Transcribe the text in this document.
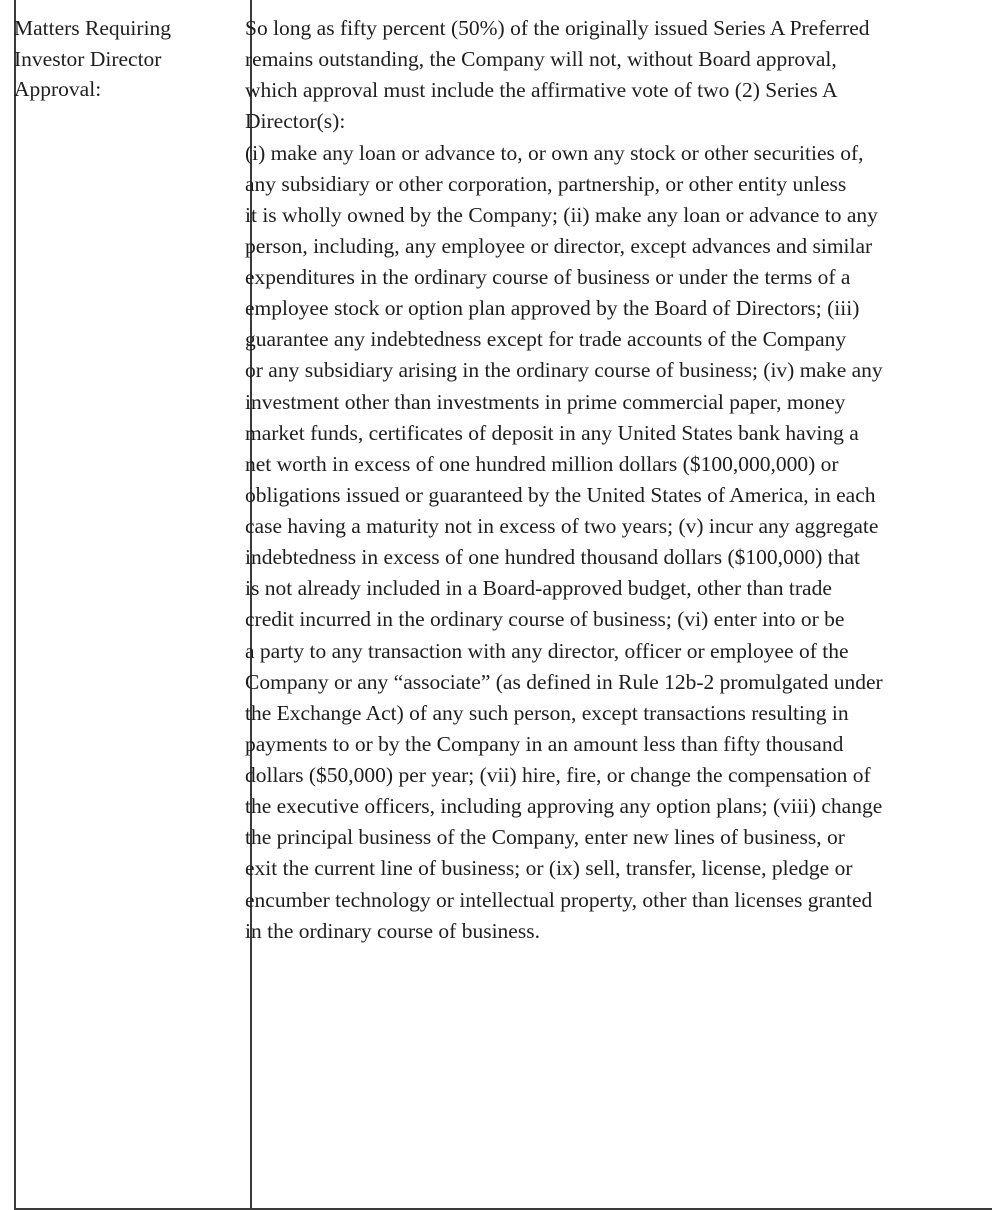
Matters Requiring
Investor Director
Approval:
So long as fifty percent (50%) of the originally issued Series A Preferred
remains outstanding, the Company will not, without Board approval,
which approval must include the affirmative vote of two (2) Series A
Director(s):
(i) make any loan or advance to, or own any stock or other securities of,
any subsidiary or other corporation, partnership, or other entity unless
it is wholly owned by the Company; (ii) make any loan or advance to any
person, including, any employee or director, except advances and similar
expenditures in the ordinary course of business or under the terms of a
employee stock or option plan approved by the Board of Directors; (iii)
guarantee any indebtedness except for trade accounts of the Company
or any subsidiary arising in the ordinary course of business; (iv) make any
investment other than investments in prime commercial paper, money
market funds, certificates of deposit in any United States bank having a
net worth in excess of one hundred million dollars ($100,000,000) or
obligations issued or guaranteed by the United States of America, in each
case having a maturity not in excess of two years; (v) incur any aggregate
indebtedness in excess of one hundred thousand dollars ($100,000) that
is not already included in a Board-approved budget, other than trade
credit incurred in the ordinary course of business; (vi) enter into or be
a party to any transaction with any director, officer or employee of the
Company or any “associate” (as defined in Rule 12b-2 promulgated under
the Exchange Act) of any such person, except transactions resulting in
payments to or by the Company in an amount less than fifty thousand
dollars ($50,000) per year; (vii) hire, fire, or change the compensation of
the executive officers, including approving any option plans; (viii) change
the principal business of the Company, enter new lines of business, or
exit the current line of business; or (ix) sell, transfer, license, pledge or
encumber technology or intellectual property, other than licenses granted
in the ordinary course of business.
